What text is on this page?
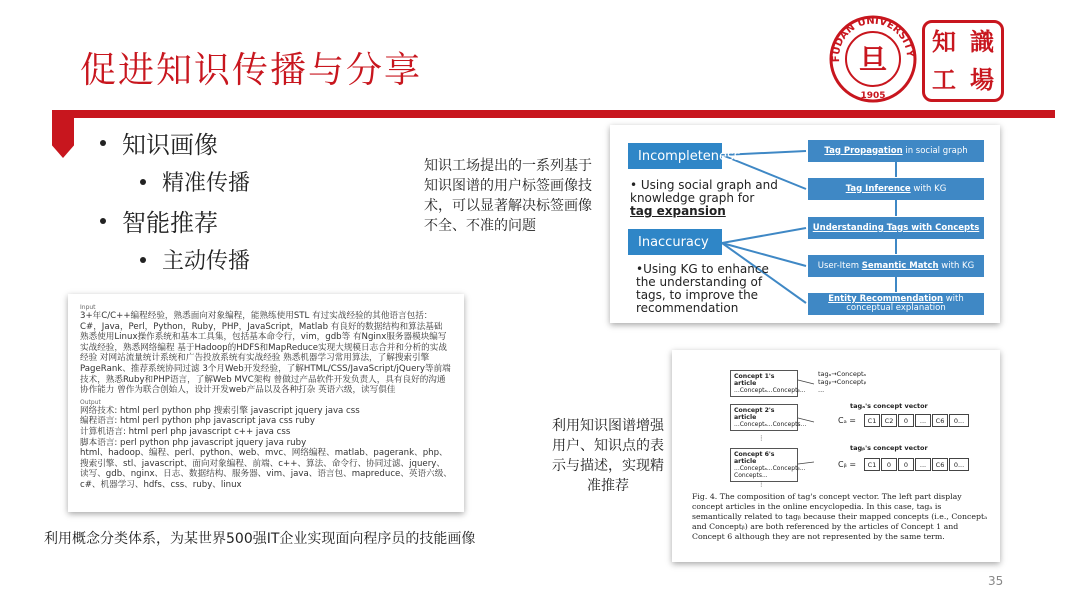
促进知识传播与分享	FUDAN UNIVERSITY
旦
1905
知 識
工 場
知识画像
精准传播
智能推荐
主动传播
知识工场提出的一系列基于知识图谱的用户标签画像技术，可以显著解决标签画像不全、不准的问题
利用知识图谱增强用户、知识点的表示与描述，实现精准推荐
利用概念分类体系，为某世界500强IT企业实现面向程序员的技能画像
35
Input
3+年C/C++编程经验，熟悉面向对象编程，能熟练使用STL 有过实战经验的其他语言包括：C#，Java，Perl，Python，Ruby，PHP，JavaScript，Matlab 有良好的数据结构和算法基础 熟悉使用Linux操作系统和基本工具集，包括基本命令行，vim，gdb等 有Nginx服务器模块编写实战经验，熟悉网络编程 基于Hadoop的HDFS和MapReduce实现大规模日志合并和分析的实战经验 对网站流量统计系统和广告投放系统有实战经验 熟悉机器学习常用算法，了解搜索引擎PageRank、推荐系统协同过滤 3个月Web开发经验，了解HTML/CSS/JavaScript/jQuery等前端技术，熟悉Ruby和PHP语言，了解Web MVC架构 曾做过产品软件开发负责人，具有良好的沟通协作能力 曾作为联合创始人，设计开发web产品以及各种打杂 英语六级，读写俱佳
Output
网络技术: html perl python php 搜索引擎 javascript jquery java css
编程语言: html perl python php javascript java css ruby
计算机语言: html perl php javascript c++ java css
脚本语言: perl python php javascript jquery java ruby
html、hadoop、编程、perl、python、web、mvc、网络编程、matlab、pagerank、php、搜索引擎、stl、javascript、面向对象编程、前端、c++、算法、命令行、协同过滤、jquery、读写、gdb、nginx、日志、数据结构、服务器、vim、java、语言包、mapreduce、英语六级、c#、机器学习、hdfs、css、ruby、linux
Incompleteness
• Using social graph and knowledge graph for tag expansion
Inaccuracy
•Using KG to enhance the understanding of tags, to improve the recommendation
Tag Propagation in social graph
Tag Inference with KG
Understanding Tags with Concepts
User-Item Semantic Match with KG
Entity Recommendation with conceptual explanation
Concept 1's article
...Conceptₐ...Conceptᵦ...
Concept 2's article
...Conceptₐ...Concepts...
⋮
Concept 6's article
...Conceptₐ...Conceptᵦ... Concepts...
⋮
tagₐ→Conceptₐ
tagᵦ→Conceptᵦ
...
tagₐ's concept vector
Cₐ =	C1	C2	0	...	C6	0...
tagᵦ's concept vector
Cᵦ =	C1	0	0	...	C6	0...
Fig. 4. The composition of tag's concept vector. The left part display concept articles in the online encyclopedia. In this case, tagₐ is semantically related to tagᵦ because their mapped concepts (i.e., Conceptₐ and Conceptᵦ) are both referenced by the articles of Concept 1 and Concept 6 although they are not represented by the same term.
